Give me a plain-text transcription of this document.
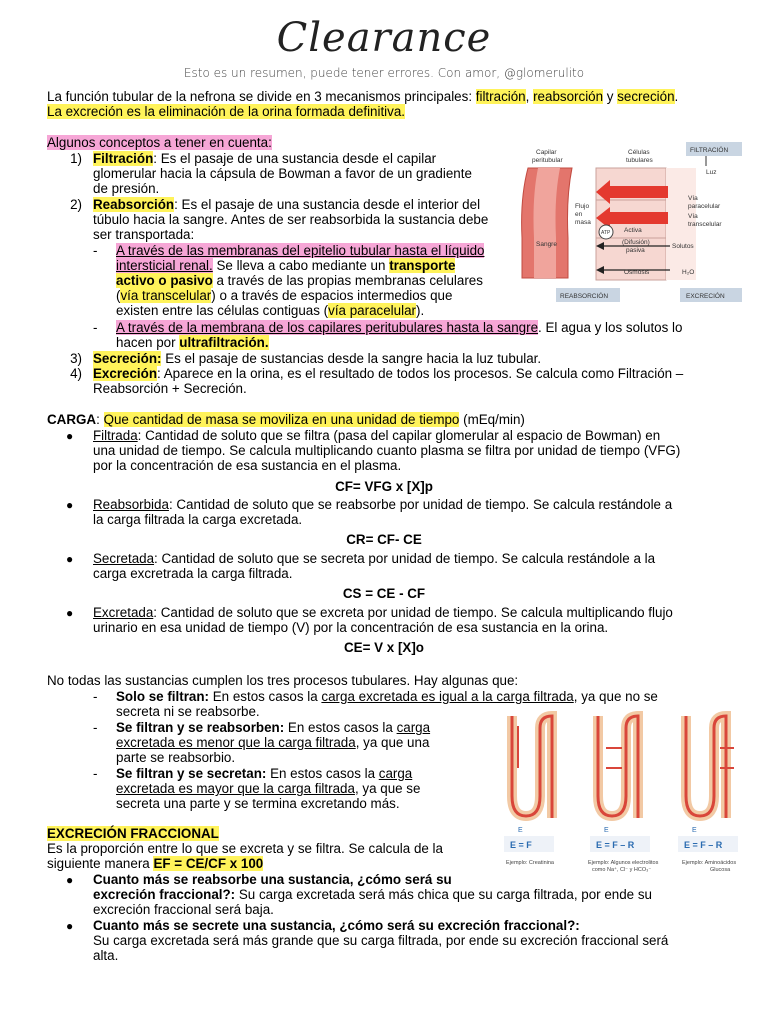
Clearance
Esto es un resumen, puede tener errores. Con amor, @glomerulito
La función tubular de la nefrona se divide en 3 mecanismos principales: filtración, reabsorción y secreción.
La excreción es la eliminación de la orina formada definitiva.
Algunos conceptos a tener en cuenta:
1) Filtración: Es el pasaje de una sustancia desde el capilar
glomerular hacia la cápsula de Bowman a favor de un gradiente
de presión.
2) Reabsorción: Es el pasaje de una sustancia desde el interior del
túbulo hacia la sangre. Antes de ser reabsorbida la sustancia debe
ser transportada:
- A través de las membranas del epitelio tubular hasta el líquido
intersticial renal. Se lleva a cabo mediante un transporte
activo o pasivo a través de las propias membranas celulares
(vía transcelular) o a través de espacios intermedios que
existen entre las células contiguas (vía paracelular).
- A través de la membrana de los capilares peritubulares hasta la sangre. El agua y los solutos lo
hacen por ultrafiltración.
3) Secreción: Es el pasaje de sustancias desde la sangre hacia la luz tubular.
4) Excreción: Aparece en la orina, es el resultado de todos los procesos. Se calcula como Filtración –
Reabsorción + Secreción.
Capilar
peritubular
Células
tubulares
FILTRACIÓN
Luz
Flujo
en
masa
Sangre
ATP Activa
(Difusión)
pasiva
Osmosis
Vía
paracelular
Vía
transcelular
Solutos
H₂O
REABSORCIÓN	EXCRECIÓN
CARGA: Que cantidad de masa se moviliza en una unidad de tiempo (mEq/min)
● Filtrada: Cantidad de soluto que se filtra (pasa del capilar glomerular al espacio de Bowman) en
una unidad de tiempo. Se calcula multiplicando cuanto plasma se filtra por unidad de tiempo (VFG)
por la concentración de esa sustancia en el plasma.
CF= VFG x [X]p
● Reabsorbida: Cantidad de soluto que se reabsorbe por unidad de tiempo. Se calcula restándole a
la carga filtrada la carga excretada.
CR= CF- CE
● Secretada: Cantidad de soluto que se secreta por unidad de tiempo. Se calcula restándole a la
carga excretrada la carga filtrada.
CS = CE - CF
● Excretada: Cantidad de soluto que se excreta por unidad de tiempo. Se calcula multiplicando flujo
urinario en esa unidad de tiempo (V) por la concentración de esa sustancia en la orina.
CE= V x [X]o
No todas las sustancias cumplen los tres procesos tubulares. Hay algunas que:
- Solo se filtran: En estos casos la carga excretada es igual a la carga filtrada, ya que no se
secreta ni se reabsorbe.
- Se filtran y se reabsorben: En estos casos la carga
excretada es menor que la carga filtrada, ya que una
parte se reabsorbio.
- Se filtran y se secretan: En estos casos la carga
excretada es mayor que la carga filtrada, ya que se
secreta una parte y se termina excretando más.
E	E	E
E = F	E = F – R	E = F – R
Ejemplo: Creatinina	Ejemplo: Algunos electrolitos
como Na⁺, Cl⁻ y HCO₃⁻
Ejemplo: Aminoácidos
Glucosa
EXCRECIÓN FRACCIONAL
Es la proporción entre lo que se excreta y se filtra. Se calcula de la
siguiente manera EF = CE/CF x 100
● Cuanto más se reabsorbe una sustancia, ¿cómo será su
excreción fraccional?: Su carga excretada será más chica que su carga filtrada, por ende su
excreción fraccional será baja.
● Cuanto más se secrete una sustancia, ¿cómo será su excreción fraccional?:
Su carga excretada será más grande que su carga filtrada, por ende su excreción fraccional será
alta.
